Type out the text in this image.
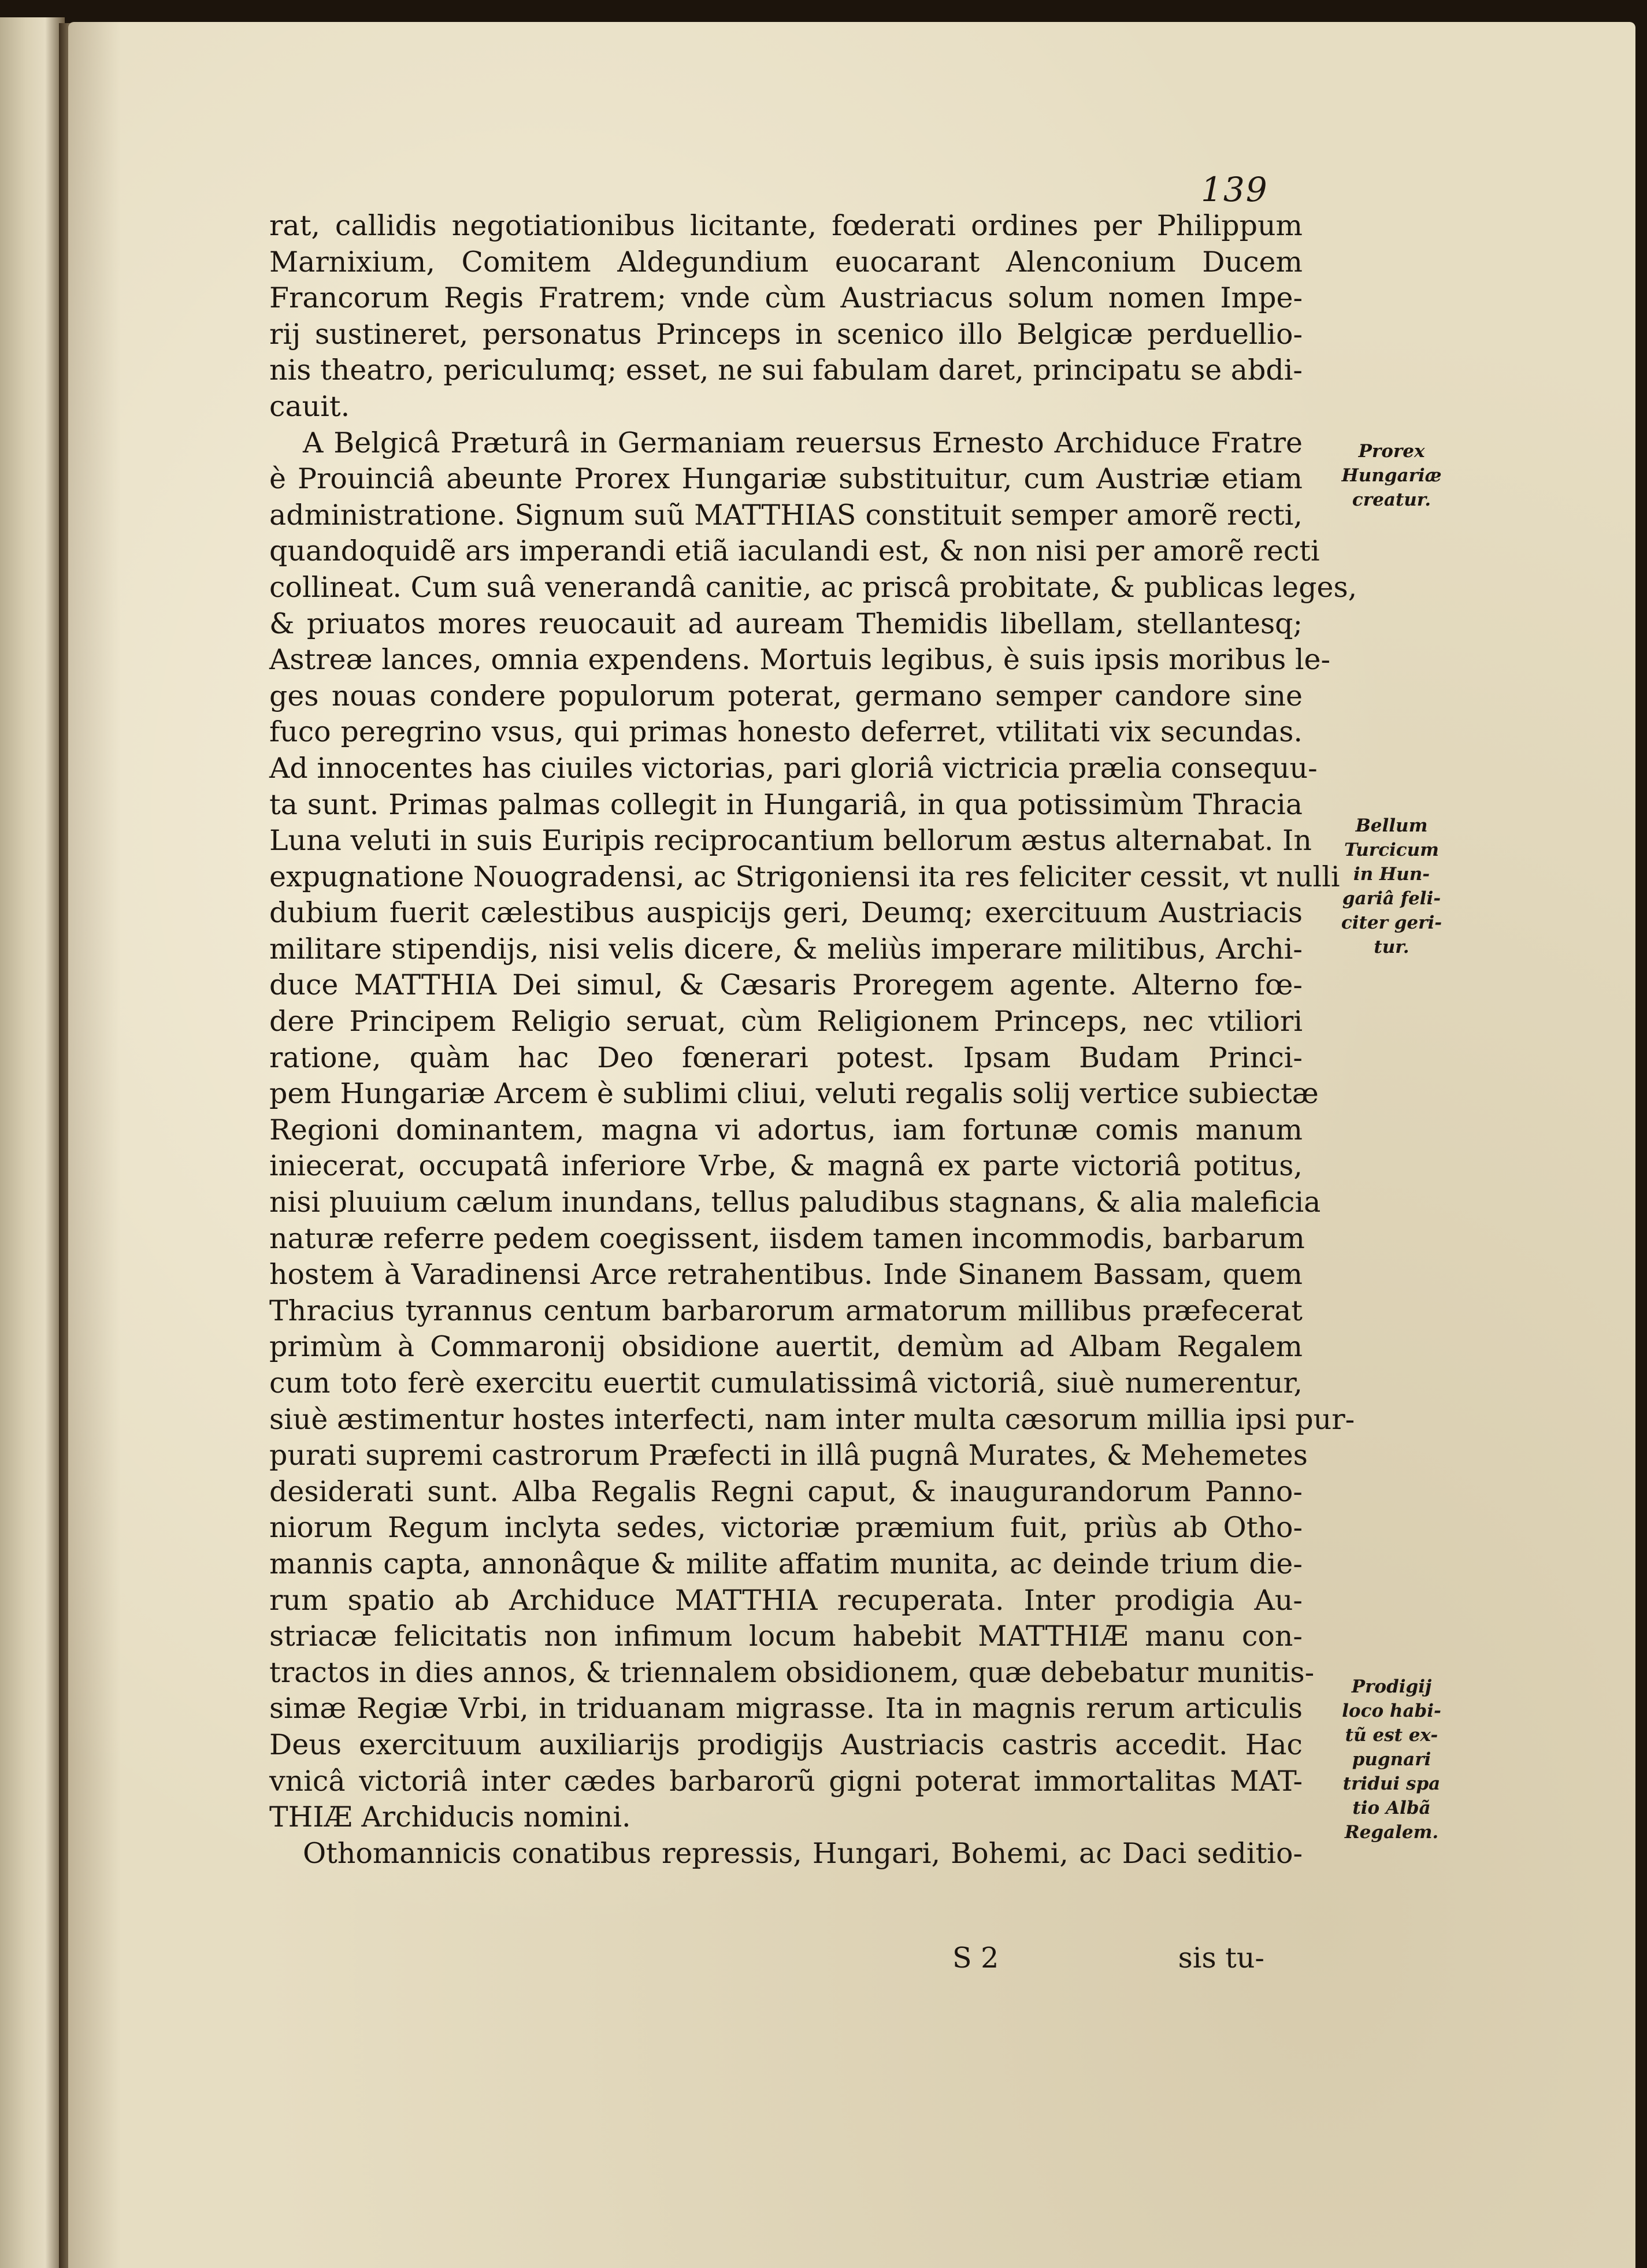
139
rat, callidis negotiationibus licitante, fœderati ordines per Philippum
Marnixium, Comitem Aldegundium euocarant Alenconium Ducem
Francorum Regis Fratrem; vnde cùm Austriacus solum nomen Impe-
rij sustineret, personatus Princeps in scenico illo Belgicæ perduellio-
nis theatro, periculumq; esset, ne sui fabulam daret, principatu se abdi-
cauit.
A Belgicâ Præturâ in Germaniam reuersus Ernesto Archiduce Fratre
è Prouinciâ abeunte Prorex Hungariæ substituitur, cum Austriæ etiam
administratione. Signum suũ MATTHIAS constituit semper amorẽ recti,
quandoquidẽ ars imperandi etiã iaculandi est, & non nisi per amorẽ recti
collineat. Cum suâ venerandâ canitie, ac priscâ probitate, & publicas leges,
& priuatos mores reuocauit ad auream Themidis libellam, stellantesq;
Astreæ lances, omnia expendens. Mortuis legibus, è suis ipsis moribus le-
ges nouas condere populorum poterat, germano semper candore sine
fuco peregrino vsus, qui primas honesto deferret, vtilitati vix secundas.
Ad innocentes has ciuiles victorias, pari gloriâ victricia prælia consequu-
ta sunt. Primas palmas collegit in Hungariâ, in qua potissimùm Thracia
Luna veluti in suis Euripis reciprocantium bellorum æstus alternabat. In
expugnatione Nouogradensi, ac Strigoniensi ita res feliciter cessit, vt nulli
dubium fuerit cælestibus auspicijs geri, Deumq; exercituum Austriacis
militare stipendijs, nisi velis dicere, & meliùs imperare militibus, Archi-
duce MATTHIA Dei simul, & Cæsaris Proregem agente. Alterno fœ-
dere Principem Religio seruat, cùm Religionem Princeps, nec vtiliori
ratione, quàm hac Deo fœnerari potest. Ipsam Budam Princi-
pem Hungariæ Arcem è sublimi cliui, veluti regalis solij vertice subiectæ
Regioni dominantem, magna vi adortus, iam fortunæ comis manum
iniecerat, occupatâ inferiore Vrbe, & magnâ ex parte victoriâ potitus,
nisi pluuium cælum inundans, tellus paludibus stagnans, & alia maleficia
naturæ referre pedem coegissent, iisdem tamen incommodis, barbarum
hostem à Varadinensi Arce retrahentibus. Inde Sinanem Bassam, quem
Thracius tyrannus centum barbarorum armatorum millibus præfecerat
primùm à Commaronij obsidione auertit, demùm ad Albam Regalem
cum toto ferè exercitu euertit cumulatissimâ victoriâ, siuè numerentur,
siuè æstimentur hostes interfecti, nam inter multa cæsorum millia ipsi pur-
purati supremi castrorum Præfecti in illâ pugnâ Murates, & Mehemetes
desiderati sunt. Alba Regalis Regni caput, & inaugurandorum Panno-
niorum Regum inclyta sedes, victoriæ præmium fuit, priùs ab Otho-
mannis capta, annonâque & milite affatim munita, ac deinde trium die-
rum spatio ab Archiduce MATTHIA recuperata. Inter prodigia Au-
striacæ felicitatis non infimum locum habebit MATTHIÆ manu con-
tractos in dies annos, & triennalem obsidionem, quæ debebatur munitis-
simæ Regiæ Vrbi, in triduanam migrasse. Ita in magnis rerum articulis
Deus exercituum auxiliarijs prodigijs Austriacis castris accedit. Hac
vnicâ victoriâ inter cædes barbarorũ gigni poterat immortalitas MAT-
THIÆ Archiducis nomini.
Othomannicis conatibus repressis, Hungari, Bohemi, ac Daci seditio-
S 2	sis tu-
Prorex
Hungariæ
creatur.
Bellum
Turcicum
in Hun-
gariâ feli-
citer geri-
tur.
Prodigij
loco habi-
tũ est ex-
pugnari
tridui spa
tio Albã
Regalem.
